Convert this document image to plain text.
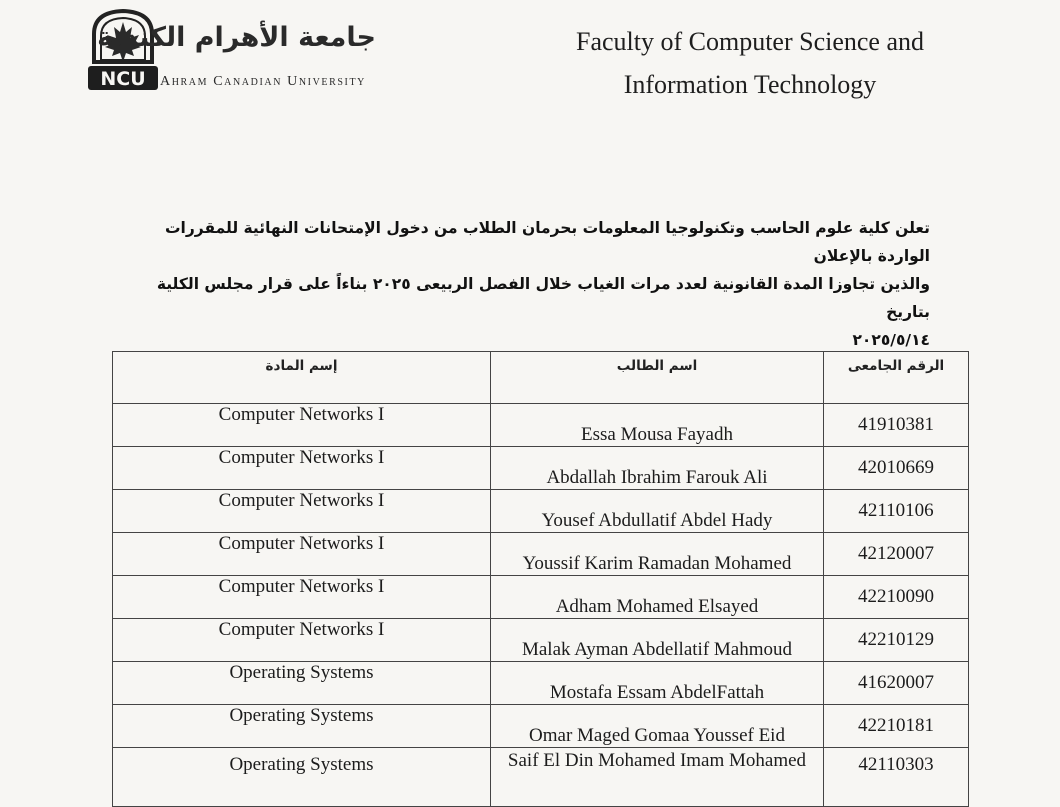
NCU
جامعة الأهرام الكندية
Ahram Canadian University
Faculty of Computer Science and
Information Technology
تعلن كلية علوم الحاسب وتكنولوجيا المعلومات بحرمان الطلاب من دخول الإمتحانات النهائية للمقررات الواردة بالإعلان
والذين تجاوزا المدة القانونية لعدد مرات الغياب خلال الفصل الربيعى ٢٠٢٥ بناءاً على قرار مجلس الكلية بتاريخ
٢٠٢٥/٥/١٤
إسم المادة	اسم الطالب	الرقم الجامعى
Computer Networks I	Essa Mousa Fayadh	41910381
Computer Networks I	Abdallah Ibrahim Farouk Ali	42010669
Computer Networks I	Yousef Abdullatif Abdel Hady	42110106
Computer Networks I	Youssif Karim Ramadan Mohamed	42120007
Computer Networks I	Adham Mohamed Elsayed	42210090
Computer Networks I	Malak Ayman Abdellatif Mahmoud	42210129
Operating Systems	Mostafa Essam AbdelFattah	41620007
Operating Systems	Omar Maged Gomaa Youssef Eid	42210181
Operating Systems	Saif El Din Mohamed Imam Mohamed	42110303
